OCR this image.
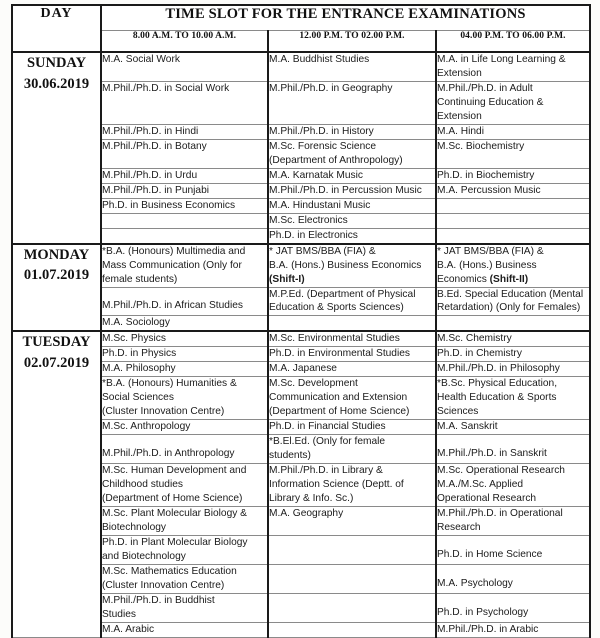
DAY	TIME SLOT FOR THE ENTRANCE EXAMINATIONS		
	8.00 A.M. TO 10.00 A.M.	12.00 P.M. TO 02.00 P.M.	04.00 P.M. TO 06.00 P.M.

SUNDAY
30.06.2019	M.A. Social Work	M.A. Buddhist Studies	M.A. in Life Long Learning &
Extension

	M.Phil./Ph.D. in Social Work	M.Phil./Ph.D. in Geography	M.Phil./Ph.D. in Adult
Continuing Education &
Extension

	M.Phil./Ph.D. in Hindi	M.Phil./Ph.D. in History	M.A. Hindi

	M.Phil./Ph.D. in Botany	M.Sc. Forensic Science
(Department of Anthropology)	M.Sc. Biochemistry

	M.Phil./Ph.D. in Urdu	M.A. Karnatak Music	Ph.D. in Biochemistry

	M.Phil./Ph.D. in Punjabi	M.Phil./Ph.D. in Percussion Music	M.A. Percussion Music

	Ph.D. in Business Economics	M.A. Hindustani Music	

		M.Sc. Electronics	

		Ph.D. in Electronics	

MONDAY
01.07.2019	*B.A. (Honours) Multimedia and
Mass Communication (Only for
female students)	* JAT BMS/BBA (FIA) &
B.A. (Hons.) Business Economics
(Shift-I)	* JAT BMS/BBA (FIA) &
B.A. (Hons.) Business
Economics (Shift-II)

	M.Phil./Ph.D. in African Studies	M.P.Ed. (Department of Physical
Education & Sports Sciences)	B.Ed. Special Education (Mental
Retardation) (Only for Females)

	M.A. Sociology		

TUESDAY
02.07.2019	M.Sc. Physics	M.Sc. Environmental Studies	M.Sc. Chemistry

	Ph.D. in Physics	Ph.D. in Environmental Studies	Ph.D. in Chemistry

	M.A. Philosophy	M.A. Japanese	M.Phil./Ph.D. in Philosophy

	*B.A. (Honours) Humanities &
Social Sciences
(Cluster Innovation Centre)	M.Sc. Development
Communication and Extension
(Department of Home Science)	*B.Sc. Physical Education,
Health Education & Sports
Sciences

	M.Sc. Anthropology	Ph.D. in Financial Studies	M.A. Sanskrit

	M.Phil./Ph.D. in Anthropology	*B.El.Ed. (Only for female
students)	M.Phil./Ph.D. in Sanskrit

	M.Sc. Human Development and
Childhood studies
(Department of Home Science)	M.Phil./Ph.D. in Library &
Information Science (Deptt. of
Library & Info. Sc.)	M.Sc. Operational Research
M.A./M.Sc. Applied
Operational Research

	M.Sc. Plant Molecular Biology &
Biotechnology	M.A. Geography	M.Phil./Ph.D. in Operational
Research

	Ph.D. in Plant Molecular Biology
and Biotechnology		Ph.D. in Home Science

	M.Sc. Mathematics Education
(Cluster Innovation Centre)		M.A. Psychology

	M.Phil./Ph.D. in Buddhist
Studies		Ph.D. in Psychology

	M.A. Arabic		M.Phil./Ph.D. in Arabic
